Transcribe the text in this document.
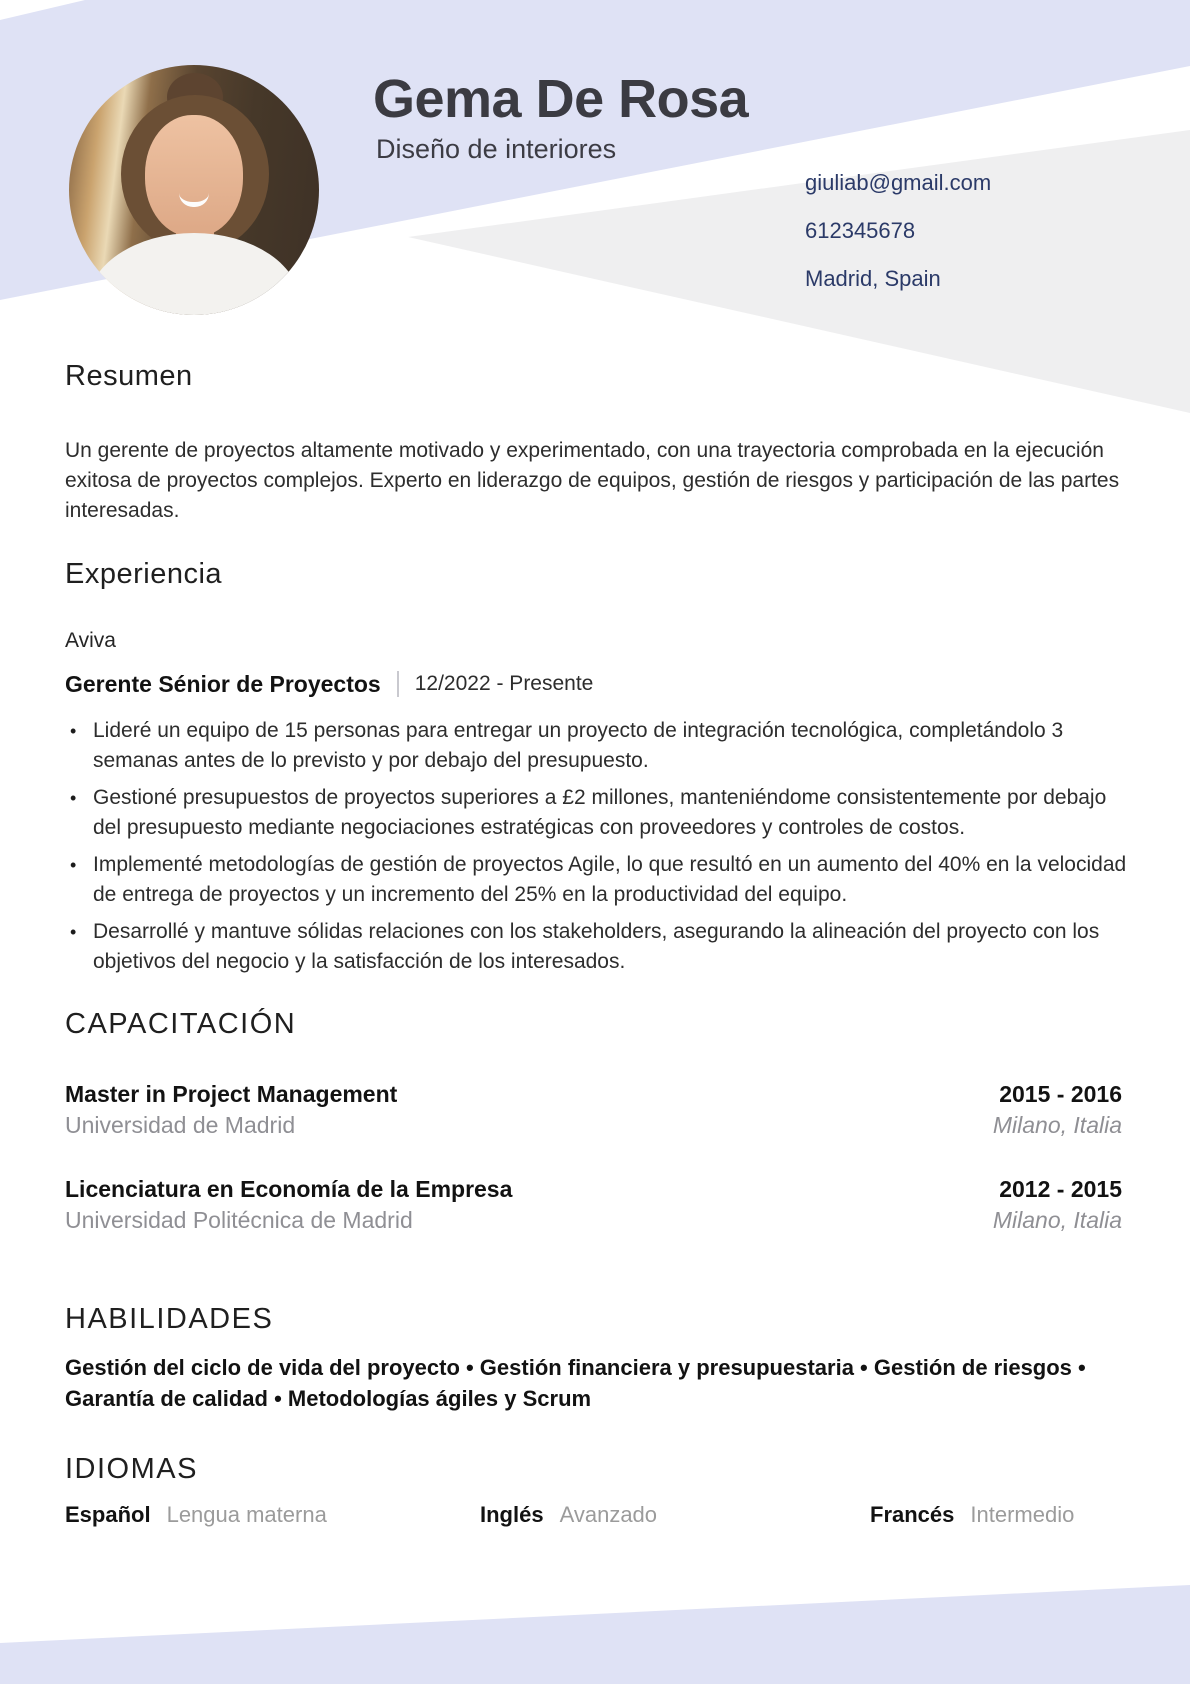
Gema De Rosa
Diseño de interiores
giuliab@gmail.com
612345678
Madrid, Spain
Resumen
Un gerente de proyectos altamente motivado y experimentado, con una trayectoria comprobada en la ejecución exitosa de proyectos complejos. Experto en liderazgo de equipos, gestión de riesgos y participación de las partes interesadas.
Experiencia
Aviva
Gerente Sénior de Proyectos 12/2022 - Presente
• Lideré un equipo de 15 personas para entregar un proyecto de integración tecnológica, completándolo 3 semanas antes de lo previsto y por debajo del presupuesto.
• Gestioné presupuestos de proyectos superiores a £2 millones, manteniéndome consistentemente por debajo del presupuesto mediante negociaciones estratégicas con proveedores y controles de costos.
• Implementé metodologías de gestión de proyectos Agile, lo que resultó en un aumento del 40% en la velocidad de entrega de proyectos y un incremento del 25% en la productividad del equipo.
• Desarrollé y mantuve sólidas relaciones con los stakeholders, asegurando la alineación del proyecto con los objetivos del negocio y la satisfacción de los interesados.
CAPACITACIÓN
Master in Project Management	2015 - 2016
Universidad de Madrid	Milano, Italia
Licenciatura en Economía de la Empresa	2012 - 2015
Universidad Politécnica de Madrid	Milano, Italia
HABILIDADES
Gestión del ciclo de vida del proyecto • Gestión financiera y presupuestaria • Gestión de riesgos • Garantía de calidad • Metodologías ágiles y Scrum
IDIOMAS
Español Lengua materna	Inglés Avanzado	Francés Intermedio
